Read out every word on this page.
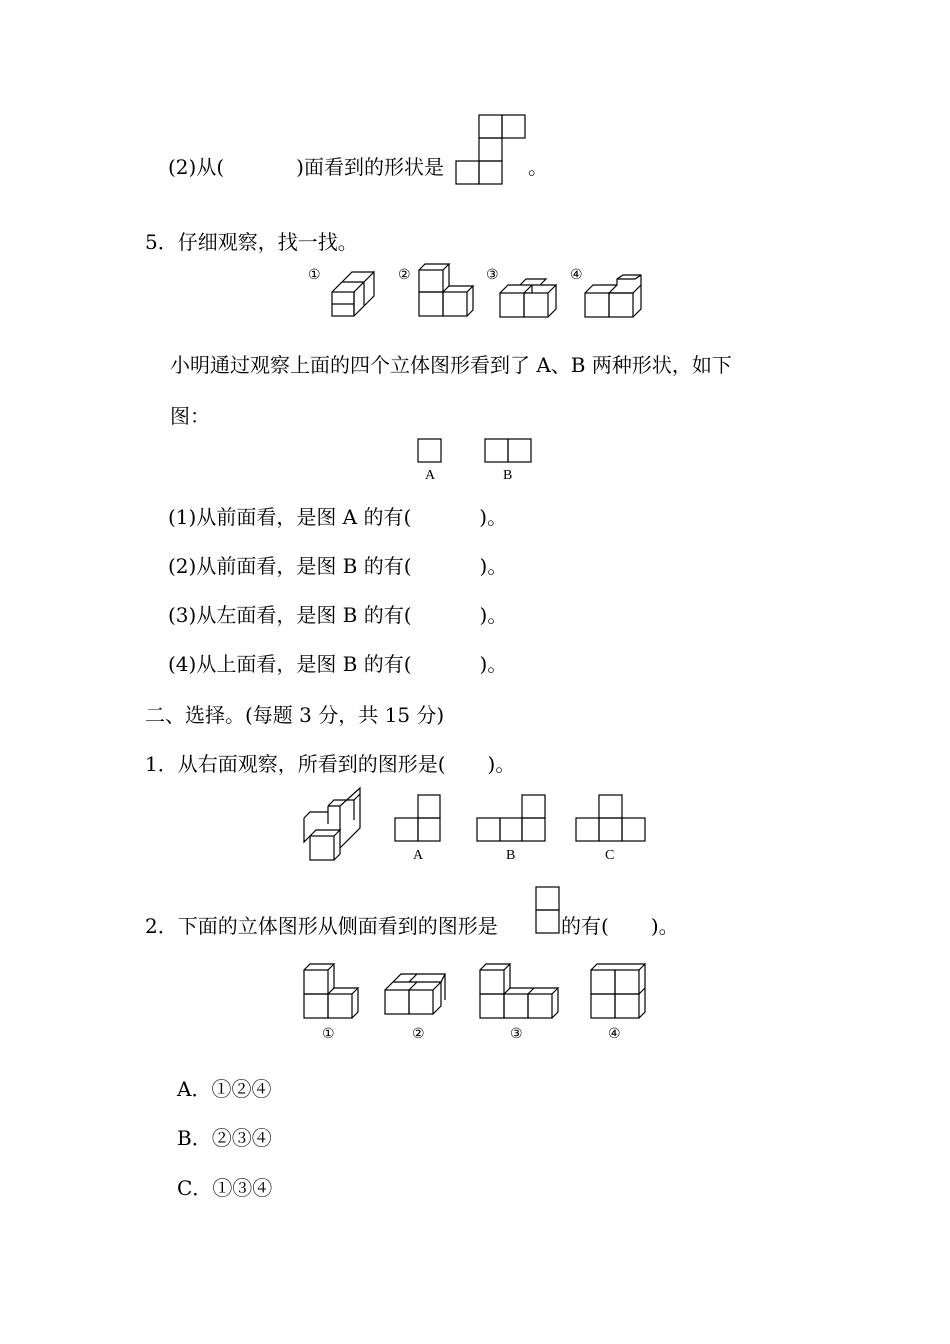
(2)从(	)面看到的形状是	。
5．仔细观察，找一找。
①	②	③	④
小明通过观察上面的四个立体图形看到了 A、B 两种形状，如下
图：
A	B
(1)从前面看，是图 A 的有(	)。
(2)从前面看，是图 B 的有(	)。
(3)从左面看，是图 B 的有(	)。
(4)从上面看，是图 B 的有(	)。
二、选择。(每题 3 分，共 15 分)
1．从右面观察，所看到的图形是( )。
A	B	C
2．下面的立体图形从侧面看到的图形是	的有( )。
①	②	③	④
A．①②④
B．②③④
C．①③④
